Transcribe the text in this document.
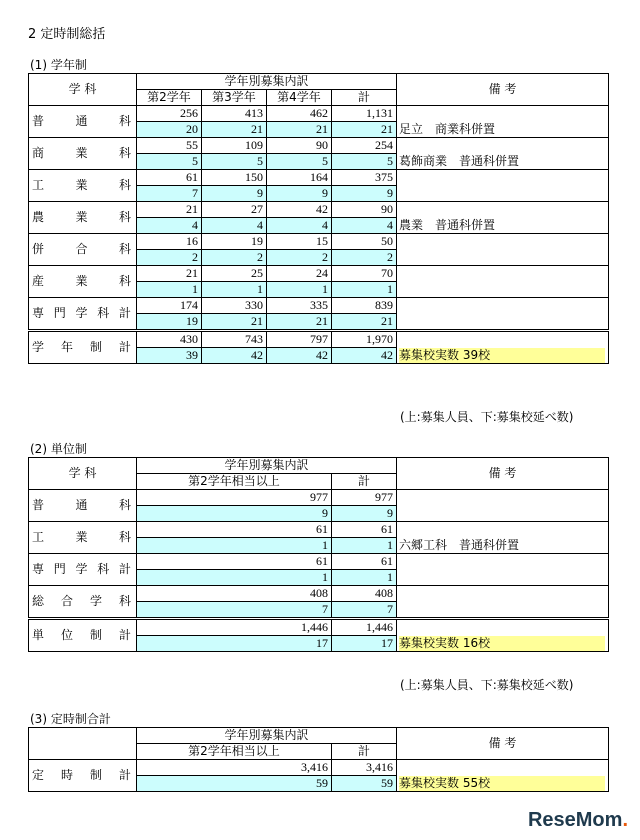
2 定時制総括
(1) 学年制
学 科	学年別募集内訳				備 考
	第2学年	第3学年	第4学年	計	

普 通 科	256	413	462	1,131	足立　商業科併置
	20	21	21	21	

商 業 科	55	109	90	254	葛飾商業　普通科併置
	5	5	5	5	

工 業 科	61	150	164	375	
	7	9	9	9	

農 業 科	21	27	42	90	農業　普通科併置
	4	4	4	4	

併 合 科	16	19	15	50	
	2	2	2	2	

産 業 科	21	25	24	70	
	1	1	1	1	

専 門 学 科 計	174	330	335	839	
	19	21	21	21	

学 年 制 計	430	743	797	1,970	募集校実数 39校

	39	42	42	42	
(上:募集人員、下:募集校延べ数)
(2) 単位制
学 科	学年別募集内訳		備 考
	第2学年相当以上	計	

普 通 科	977	977	
	9	9	

工 業 科	61	61	六郷工科　普通科併置
	1	1	

専 門 学 科 計	61	61	
	1	1	

総 合 学 科	408	408	
	7	7	

単 位 制 計	1,446	1,446	募集校実数 16校

	17	17	
(上:募集人員、下:募集校延べ数)
(3) 定時制合計
	学年別募集内訳		備 考
	第2学年相当以上	計	

定 時 制 計	3,416	3,416	募集校実数 55校

	59	59	
ReseMom.
